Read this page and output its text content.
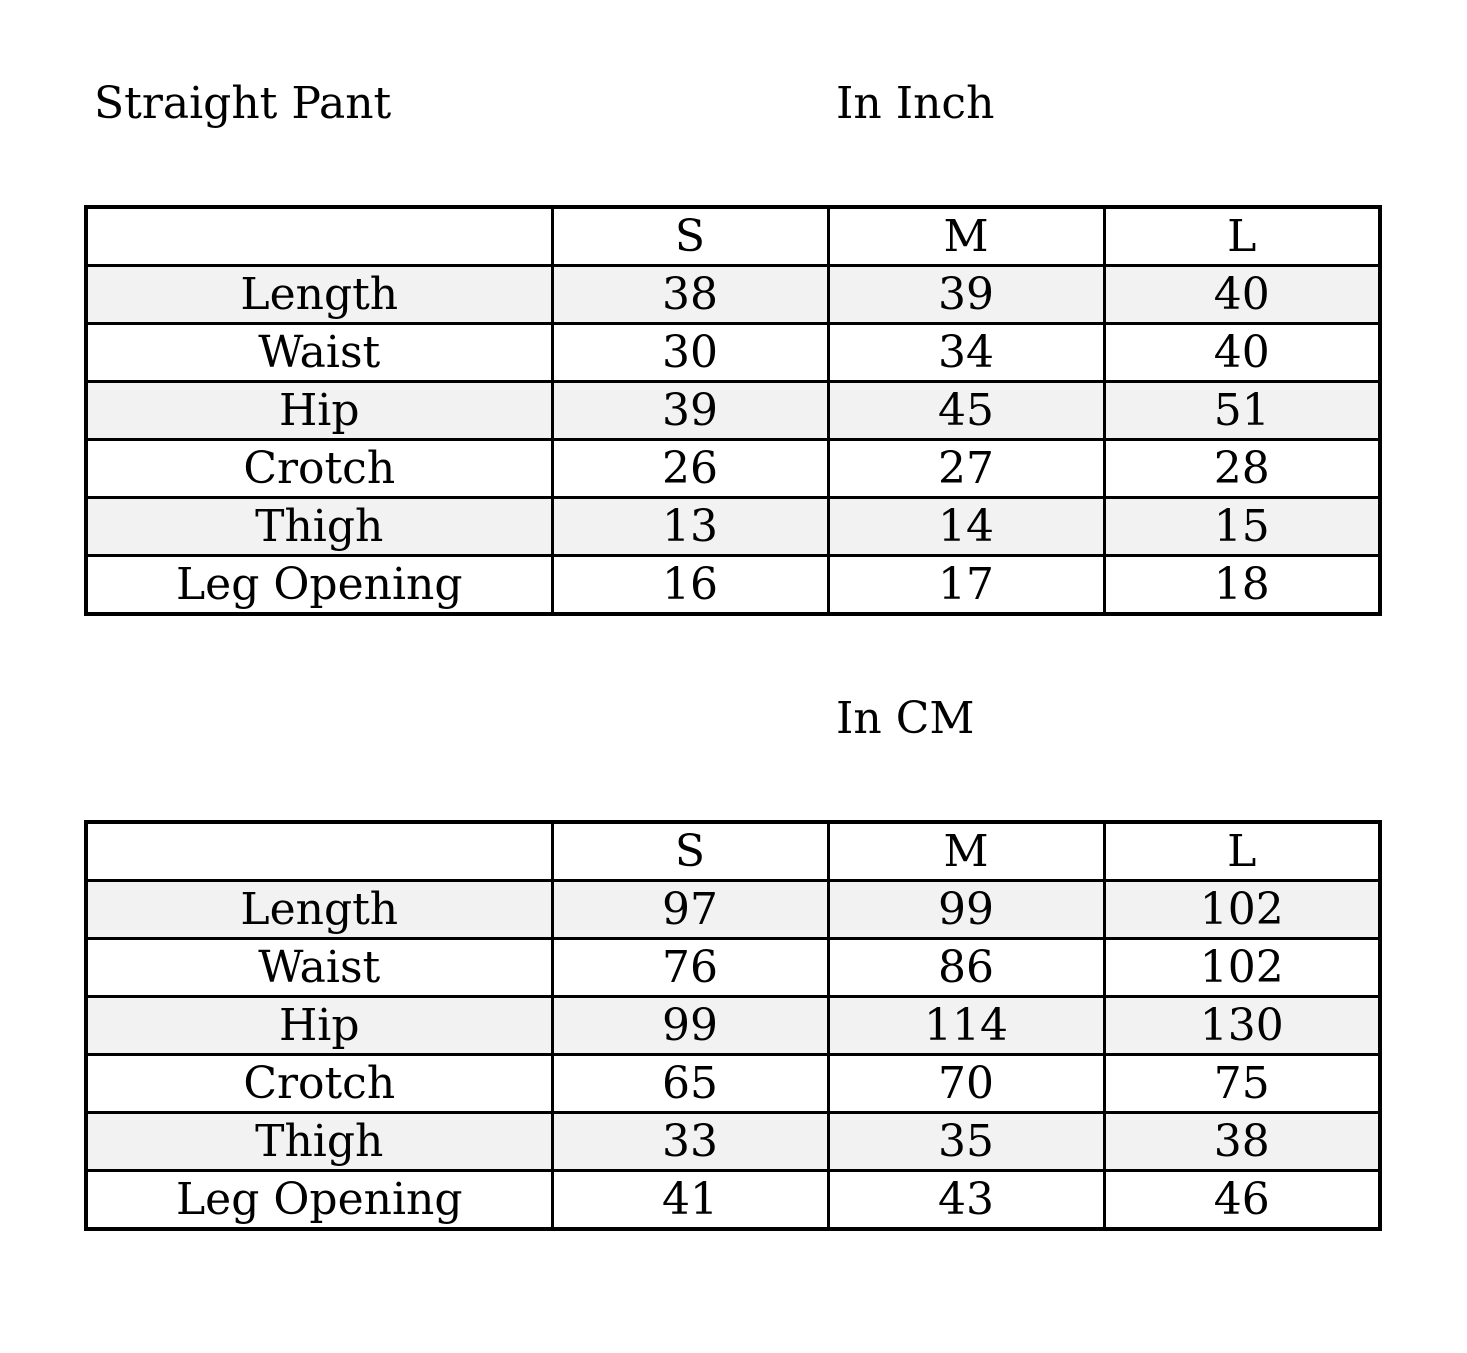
Straight Pant	In Inch
	S	M	L
Length	38	39	40
Waist	30	34	40
Hip	39	45	51
Crotch	26	27	28
Thigh	13	14	15
Leg Opening	16	17	18
In CM
	S	M	L
Length	97	99	102
Waist	76	86	102
Hip	99	114	130
Crotch	65	70	75
Thigh	33	35	38
Leg Opening	41	43	46
